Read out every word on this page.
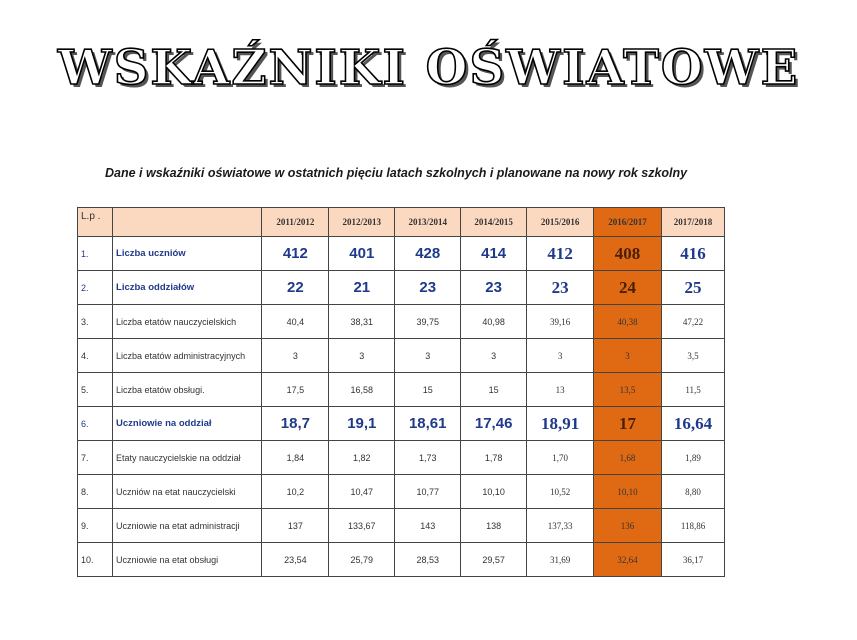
WSKAŹNIKI OŚWIATOWE
Dane i wskaźniki oświatowe w ostatnich pięciu latach szkolnych i planowane na nowy rok szkolny
L.p .		2011/2012	2012/2013	2013/2014	2014/2015	2015/2016	2016/2017	2017/2018
1.	Liczba uczniów	412	401	428	414	412	408	416
2.	Liczba oddziałów	22	21	23	23	23	24	25
3.	Liczba etatów nauczycielskich	40,4	38,31	39,75	40,98	39,16	40,38	47,22
4.	Liczba etatów administracyjnych	3	3	3	3	3	3	3,5
5.	Liczba etatów obsługi.	17,5	16,58	15	15	13	13,5	11,5
6.	Uczniowie na oddział	18,7	19,1	18,61	17,46	18,91	17	16,64
7.	Etaty nauczycielskie na oddział	1,84	1,82	1,73	1,78	1,70	1,68	1,89
8.	Uczniów na etat nauczycielski	10,2	10,47	10,77	10,10	10,52	10,10	8,80
9.	Uczniowie na etat administracji	137	133,67	143	138	137,33	136	118,86
10.	Uczniowie na etat obsługi	23,54	25,79	28,53	29,57	31,69	32,64	36,17
